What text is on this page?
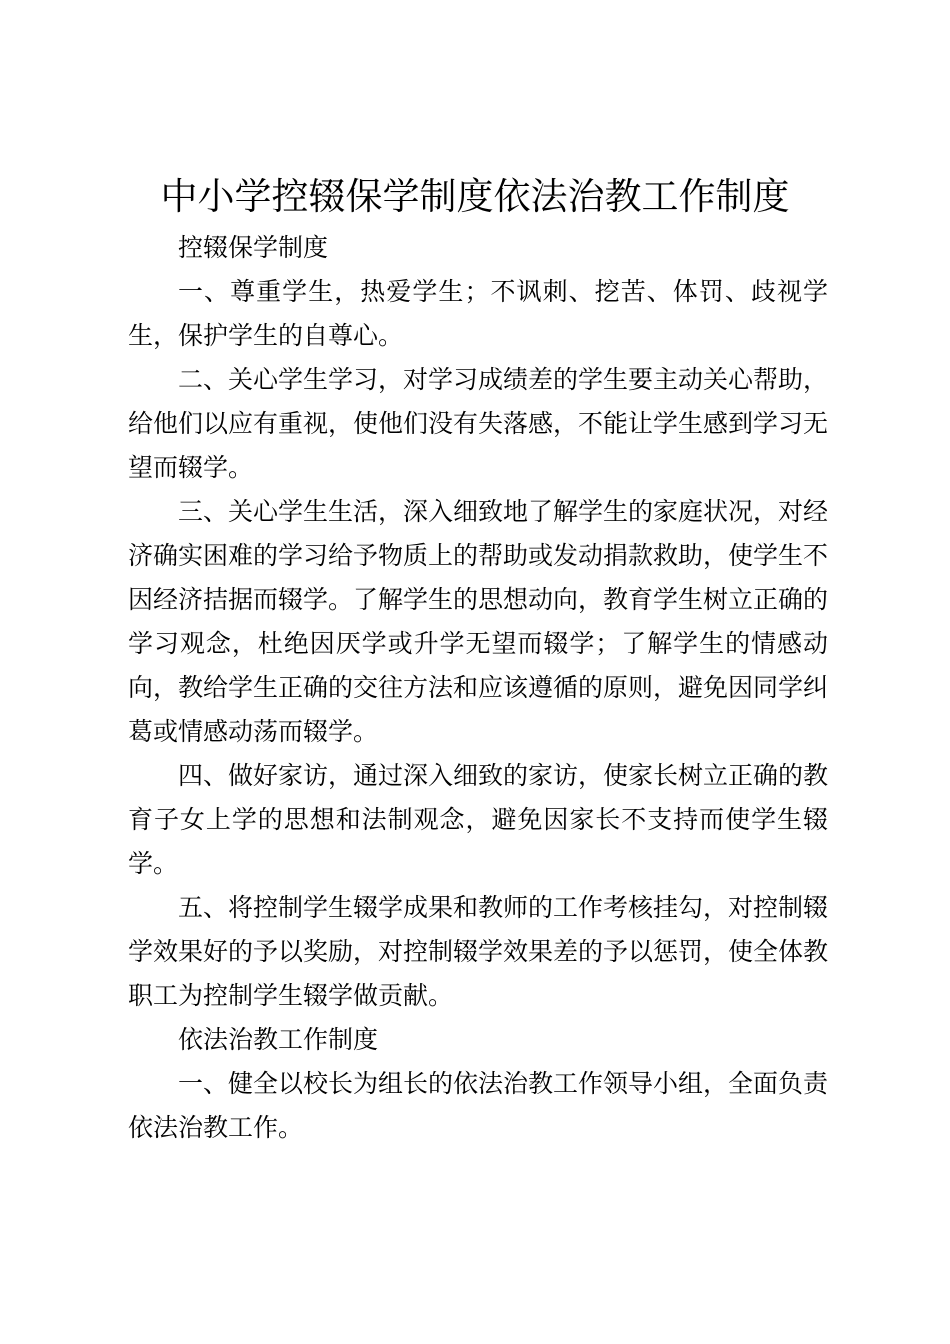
中小学控辍保学制度依法治教工作制度

控辍保学制度

一、尊重学生，热爱学生；不讽刺、挖苦、体罚、歧视学生，保护学生的自尊心。

二、关心学生学习，对学习成绩差的学生要主动关心帮助，给他们以应有重视，使他们没有失落感，不能让学生感到学习无望而辍学。

三、关心学生生活，深入细致地了解学生的家庭状况，对经济确实困难的学习给予物质上的帮助或发动捐款救助，使学生不因经济拮据而辍学。了解学生的思想动向，教育学生树立正确的学习观念，杜绝因厌学或升学无望而辍学；了解学生的情感动向，教给学生正确的交往方法和应该遵循的原则，避免因同学纠葛或情感动荡而辍学。

四、做好家访，通过深入细致的家访，使家长树立正确的教育子女上学的思想和法制观念，避免因家长不支持而使学生辍学。

五、将控制学生辍学成果和教师的工作考核挂勾，对控制辍学效果好的予以奖励，对控制辍学效果差的予以惩罚，使全体教职工为控制学生辍学做贡献。

依法治教工作制度

一、健全以校长为组长的依法治教工作领导小组，全面负责依法治教工作。
